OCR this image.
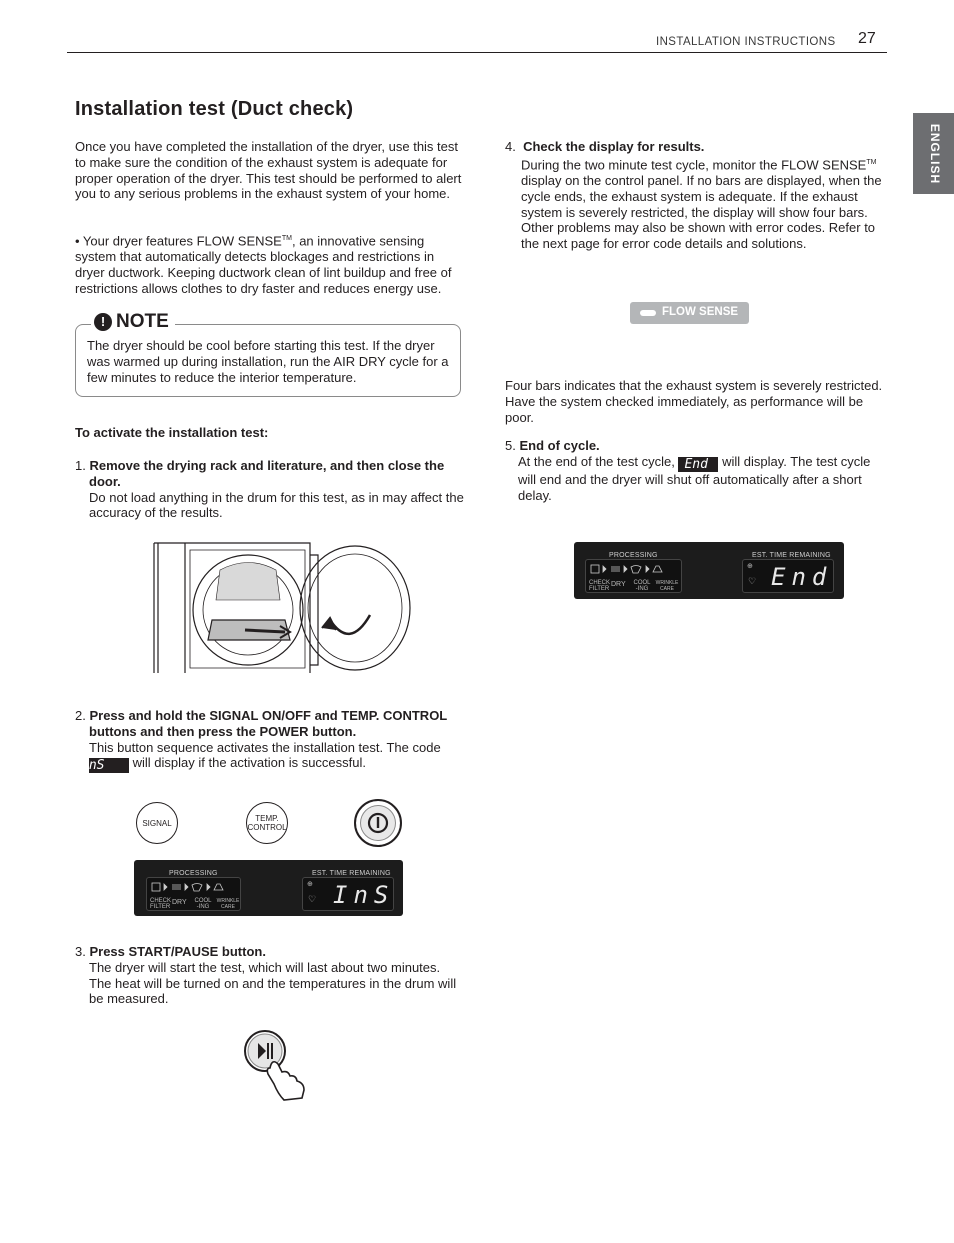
INSTALLATION INSTRUCTIONS 27
ENGLISH
Installation test (Duct check)

Once you have completed the installation of the dryer, use this test to make sure the condition of the exhaust system is adequate for proper operation of the dryer. This test should be performed to alert you to any serious problems in the exhaust system of your home.

• Your dryer features FLOW SENSE™, an innovative sensing system that automatically detects blockages and restrictions in dryer ductwork. Keeping ductwork clean of lint buildup and free of restrictions allows clothes to dry faster and reduces energy use.

! NOTE

The dryer should be cool before starting this test. If the dryer was warmed up during installation, run the AIR DRY cycle for a few minutes to reduce the interior temperature.

To activate the installation test:

1. Remove the drying rack and literature, and then close the door.
Do not load anything in the drum for this test, as in may affect the accuracy of the results.
2. Press and hold the SIGNAL ON/OFF and TEMP. CONTROL buttons and then press the POWER button.
This button sequence activates the installation test. The code
InS will display if the activation is successful.
SIGNAL	TEMP.
CONTROL
PROCESSING	EST. TIME REMAINING
CHECK
FILTER
DRY	COOL
-ING
WRINKLE
CARE
⊕
♡ InS
3. Press START/PAUSE button.
The dryer will start the test, which will last about two minutes. The heat will be turned on and the temperatures in the drum will be measured.
4. Check the display for results.
During the two minute test cycle, monitor the FLOW SENSE™ display on the control panel. If no bars are displayed, when the cycle ends, the exhaust system is adequate. If the exhaust system is severely restricted, the display will show four bars. Other problems may also be shown with error codes. Refer to the next page for error code details and solutions.
FLOW SENSE

Four bars indicates that the exhaust system is severely restricted. Have the system checked immediately, as performance will be poor.

5. End of cycle.

At the end of the test cycle, End will display. The test cycle will end and the dryer will shut off automatically after a short delay.
PROCESSING	EST. TIME REMAINING
CHECK
FILTER
DRY	COOL
-ING
WRINKLE
CARE
⊕
♡ End
